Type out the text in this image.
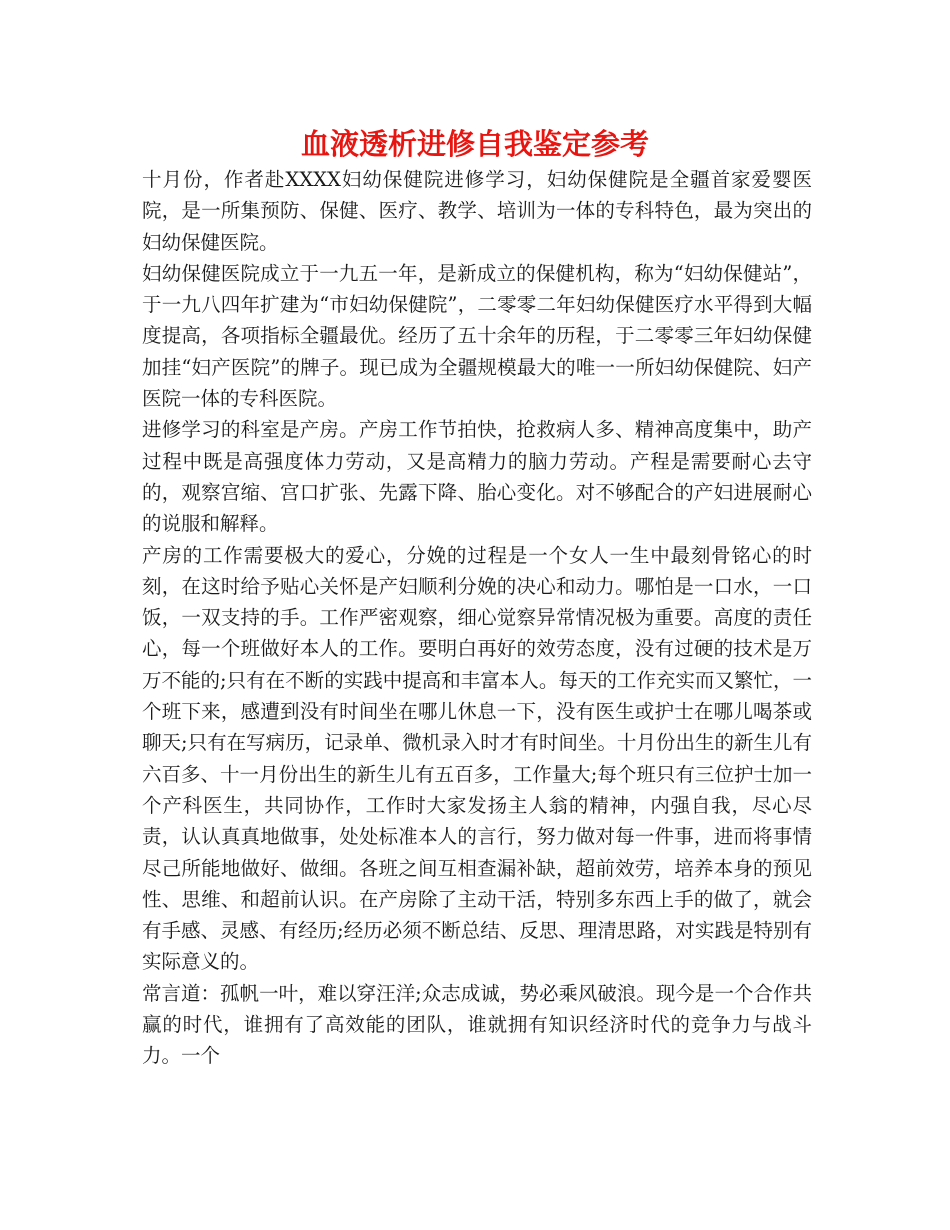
血液透析进修自我鉴定参考

十月份，作者赴XXXX妇幼保健院进修学习，妇幼保健院是全疆首家爱婴医院，是一所集预防、保健、医疗、教学、培训为一体的专科特色，最为突出的妇幼保健医院。

妇幼保健医院成立于一九五一年，是新成立的保健机构，称为“妇幼保健站”，于一九八四年扩建为“市妇幼保健院”，二零零二年妇幼保健医疗水平得到大幅度提高，各项指标全疆最优。经历了五十余年的历程，于二零零三年妇幼保健加挂“妇产医院”的牌子。现已成为全疆规模最大的唯一一所妇幼保健院、妇产医院一体的专科医院。

进修学习的科室是产房。产房工作节拍快，抢救病人多、精神高度集中，助产过程中既是高强度体力劳动，又是高精力的脑力劳动。产程是需要耐心去守的，观察宫缩、宫口扩张、先露下降、胎心变化。对不够配合的产妇进展耐心的说服和解释。

产房的工作需要极大的爱心，分娩的过程是一个女人一生中最刻骨铭心的时刻，在这时给予贴心关怀是产妇顺利分娩的决心和动力。哪怕是一口水，一口饭，一双支持的手。工作严密观察，细心觉察异常情况极为重要。高度的责任心，每一个班做好本人的工作。要明白再好的效劳态度，没有过硬的技术是万万不能的;只有在不断的实践中提高和丰富本人。每天的工作充实而又繁忙，一个班下来，感遭到没有时间坐在哪儿休息一下，没有医生或护士在哪儿喝茶或聊天;只有在写病历，记录单、微机录入时才有时间坐。十月份出生的新生儿有六百多、十一月份出生的新生儿有五百多，工作量大;每个班只有三位护士加一个产科医生，共同协作，工作时大家发扬主人翁的精神，内强自我，尽心尽责，认认真真地做事，处处标准本人的言行，努力做对每一件事，进而将事情尽己所能地做好、做细。各班之间互相查漏补缺，超前效劳，培养本身的预见性、思维、和超前认识。在产房除了主动干活，特别多东西上手的做了，就会有手感、灵感、有经历;经历必须不断总结、反思、理清思路，对实践是特别有实际意义的。

常言道：孤帆一叶，难以穿汪洋;众志成诚，势必乘风破浪。现今是一个合作共赢的时代，谁拥有了高效能的团队，谁就拥有知识经济时代的竞争力与战斗力。一个
